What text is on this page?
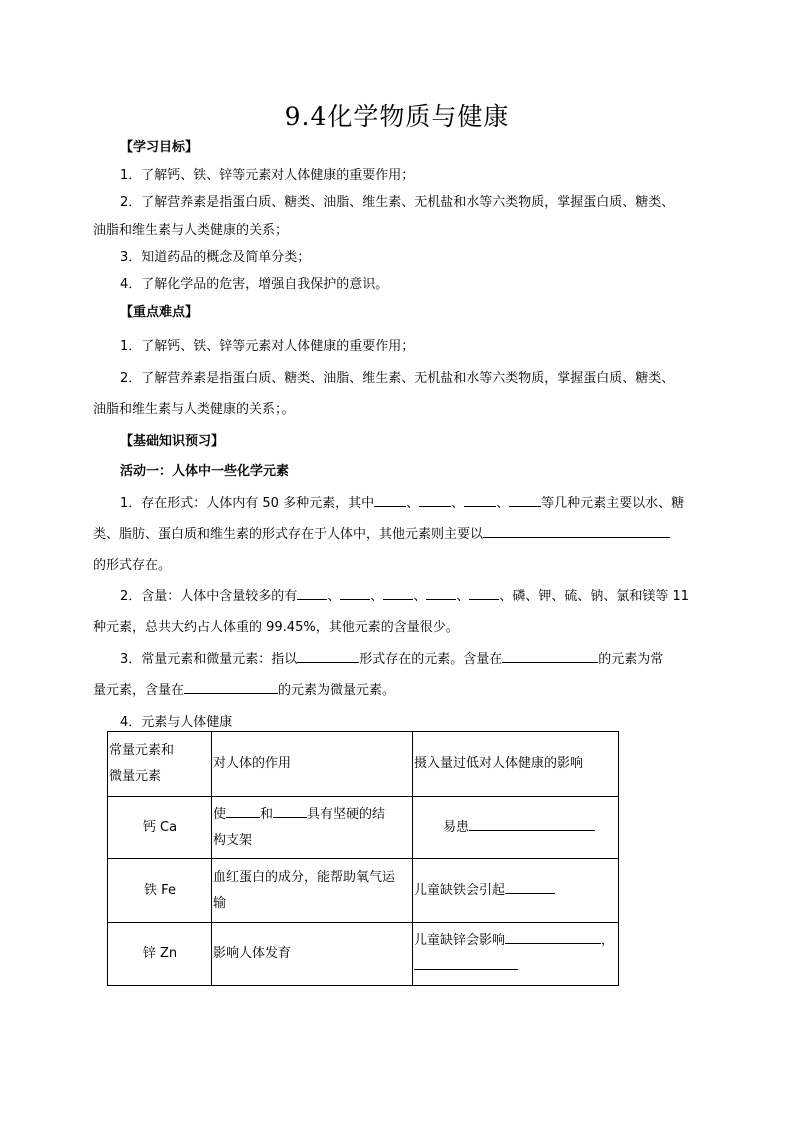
9.4化学物质与健康
【学习目标】
1．了解钙、铁、锌等元素对人体健康的重要作用；
2．了解营养素是指蛋白质、糖类、油脂、维生素、无机盐和水等六类物质，掌握蛋白质、糖类、
油脂和维生素与人类健康的关系；
3．知道药品的概念及简单分类；
4．了解化学品的危害，增强自我保护的意识。
【重点难点】
1．了解钙、铁、锌等元素对人体健康的重要作用；
2．了解营养素是指蛋白质、糖类、油脂、维生素、无机盐和水等六类物质，掌握蛋白质、糖类、
油脂和维生素与人类健康的关系；。
【基础知识预习】
活动一：人体中一些化学元素
1．存在形式：人体内有 50 多种元素，其中 、 、 、 等几种元素主要以水、糖
类、脂肪、蛋白质和维生素的形式存在于人体中，其他元素则主要以
的形式存在。
2．含量：人体中含量较多的有 、 、 、 、 、磷、钾、硫、钠、氯和镁等 11
种元素，总共大约占人体重的 99.45%，其他元素的含量很少。
3．常量元素和微量元素：指以	形式存在的元素。含量在	的元素为常
量元素，含量在	的元素为微量元素。
4．元素与人体健康
常量元素和
微量元素	对人体的作用	摄入量过低对人体健康的影响
钙 Ca	使 和 具有坚硬的结
构支架	易患
铁 Fe	血红蛋白的成分，能帮助氧气运
输	儿童缺铁会引起
锌 Zn	影响人体发育	儿童缺锌会影响 ，
